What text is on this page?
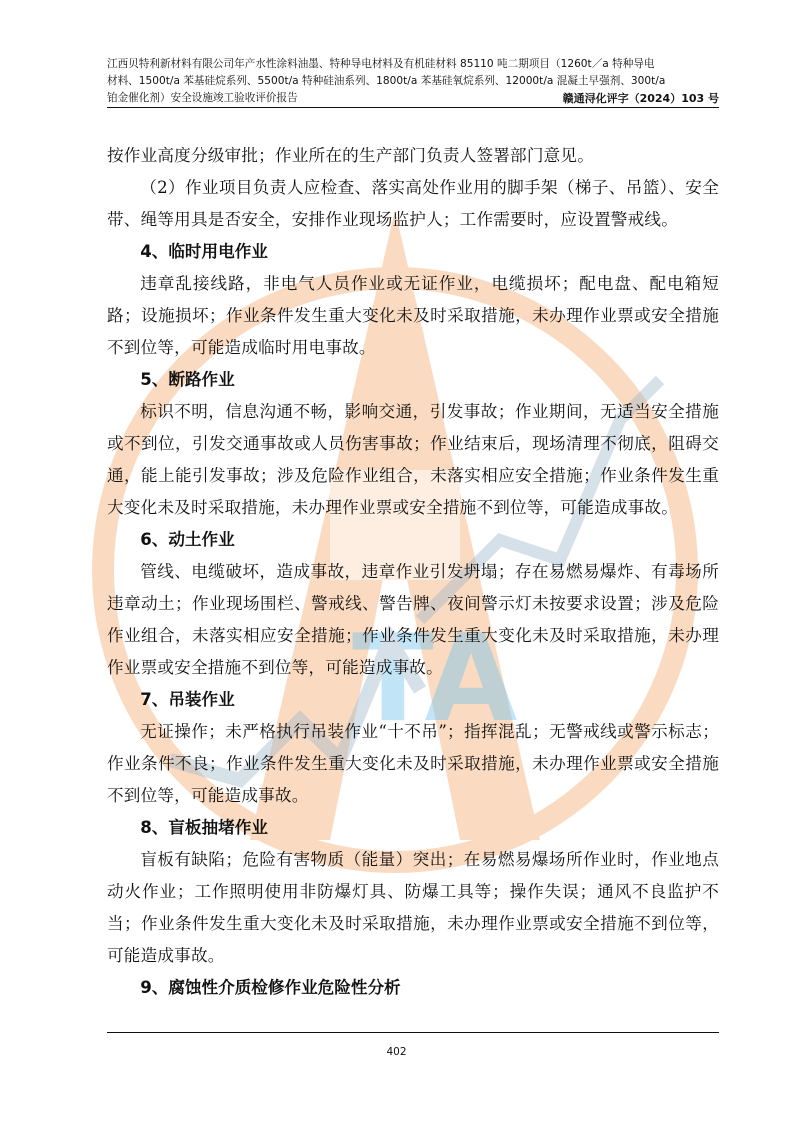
TA
江西贝特利新材料有限公司年产水性涂料油墨、特种导电材料及有机硅材料 85110 吨二期项目（1260t／a 特种导电
材料、1500t/a 苯基硅烷系列、5500t/a 特种硅油系列、1800t/a 苯基硅氧烷系列、12000t/a 混凝土早强剂、300t/a
铂金催化剂）安全设施竣工验收评价报告	赣通浔化评字（2024）103 号

按作业高度分级审批；作业所在的生产部门负责人签署部门意见。

（2）作业项目负责人应检查、落实高处作业用的脚手架（梯子、吊篮）、安全带、绳等用具是否安全，安排作业现场监护人；工作需要时，应设置警戒线。

4、临时用电作业

违章乱接线路，非电气人员作业或无证作业，电缆损坏；配电盘、配电箱短路；设施损坏；作业条件发生重大变化未及时采取措施，未办理作业票或安全措施不到位等，可能造成临时用电事故。

5、断路作业

标识不明，信息沟通不畅，影响交通，引发事故；作业期间，无适当安全措施或不到位，引发交通事故或人员伤害事故；作业结束后，现场清理不彻底，阻碍交通，能上能引发事故；涉及危险作业组合，未落实相应安全措施；作业条件发生重大变化未及时采取措施，未办理作业票或安全措施不到位等，可能造成事故。

6、动土作业

管线、电缆破坏，造成事故，违章作业引发坍塌；存在易燃易爆炸、有毒场所违章动土；作业现场围栏、警戒线、警告牌、夜间警示灯未按要求设置；涉及危险作业组合，未落实相应安全措施；作业条件发生重大变化未及时采取措施，未办理作业票或安全措施不到位等，可能造成事故。

7、吊装作业

无证操作；未严格执行吊装作业“十不吊”；指挥混乱；无警戒线或警示标志；作业条件不良；作业条件发生重大变化未及时采取措施，未办理作业票或安全措施不到位等，可能造成事故。

8、盲板抽堵作业

盲板有缺陷；危险有害物质（能量）突出；在易燃易爆场所作业时，作业地点动火作业；工作照明使用非防爆灯具、防爆工具等；操作失误；通风不良监护不当；作业条件发生重大变化未及时采取措施，未办理作业票或安全措施不到位等，可能造成事故。

9、腐蚀性介质检修作业危险性分析

402
